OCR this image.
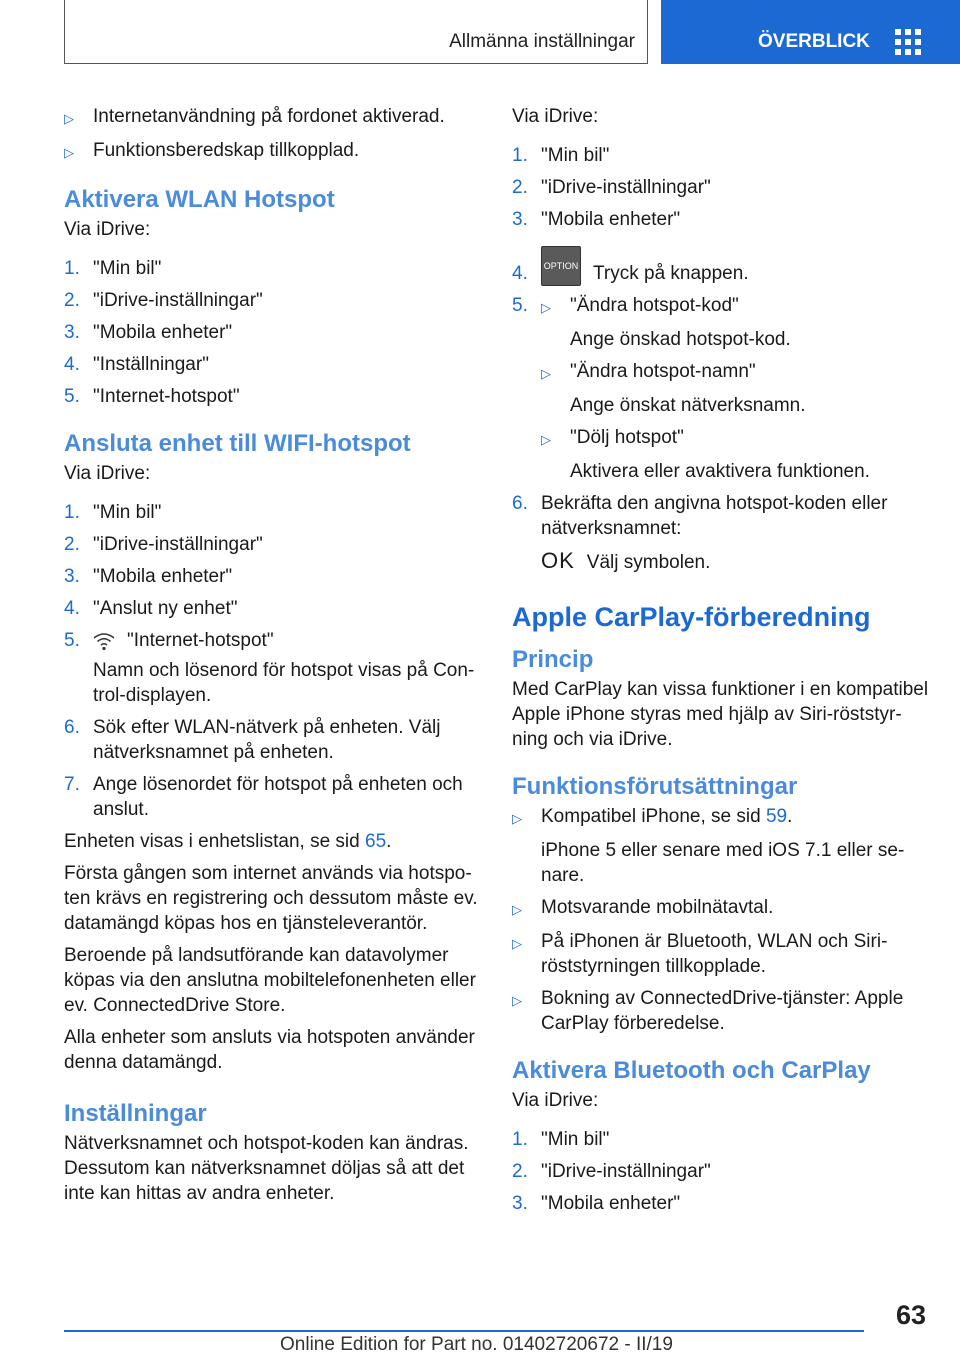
Allmänna inställningar	ÖVERBLICK
▷	Internetanvändning på fordonet aktiverad.
▷	Funktionsberedskap tillkopplad.
Aktivera WLAN Hotspot
Via iDrive:
1. "Min bil"
2. "iDrive-inställningar"
3. "Mobila enheter"
4. "Inställningar"
5. "Internet-hotspot"
Ansluta enhet till WIFI-hotspot
Via iDrive:
1. "Min bil"
2. "iDrive-inställningar"
3. "Mobila enheter"
4. "Anslut ny enhet"
5.	"Internet-hotspot"
Namn och lösenord för hotspot visas på Con-trol-displayen.
6. Sök efter WLAN-nätverk på enheten. Välj nätverksnamnet på enheten.
7. Ange lösenordet för hotspot på enheten och anslut.
Enheten visas i enhetslistan, se sid 65.
Första gången som internet används via hotspo-ten krävs en registrering och dessutom måste ev. datamängd köpas hos en tjänsteleverantör.
Beroende på landsutförande kan datavolymer köpas via den anslutna mobiltelefonenheten eller ev. ConnectedDrive Store.
Alla enheter som ansluts via hotspoten använder denna datamängd.
Inställningar
Nätverksnamnet och hotspot-koden kan ändras. Dessutom kan nätverksnamnet döljas så att det inte kan hittas av andra enheter.
Via iDrive:
1. "Min bil"
2. "iDrive-inställningar"
3. "Mobila enheter"
4.	OPTION Tryck på knappen.
5.	▷	"Ändra hotspot-kod"
Ange önskad hotspot-kod.
▷	"Ändra hotspot-namn"
Ange önskat nätverksnamn.
▷	"Dölj hotspot"
Aktivera eller avaktivera funktionen.
6. Bekräfta den angivna hotspot-koden eller nätverksnamnet:
OK Välj symbolen.
Apple CarPlay-förberedning
Princip
Med CarPlay kan vissa funktioner i en kompatibel Apple iPhone styras med hjälp av Siri-röststyr-ning och via iDrive.
Funktionsförutsättningar
▷	Kompatibel iPhone, se sid 59.
iPhone 5 eller senare med iOS 7.1 eller se-nare.
▷	Motsvarande mobilnätavtal.
▷	På iPhonen är Bluetooth, WLAN och Siri-röststyrningen tillkopplade.
▷	Bokning av ConnectedDrive-tjänster: Apple CarPlay förberedelse.
Aktivera Bluetooth och CarPlay
Via iDrive:
1. "Min bil"
2. "iDrive-inställningar"
3. "Mobila enheter"
63
Online Edition for Part no. 01402720672 - II/19
